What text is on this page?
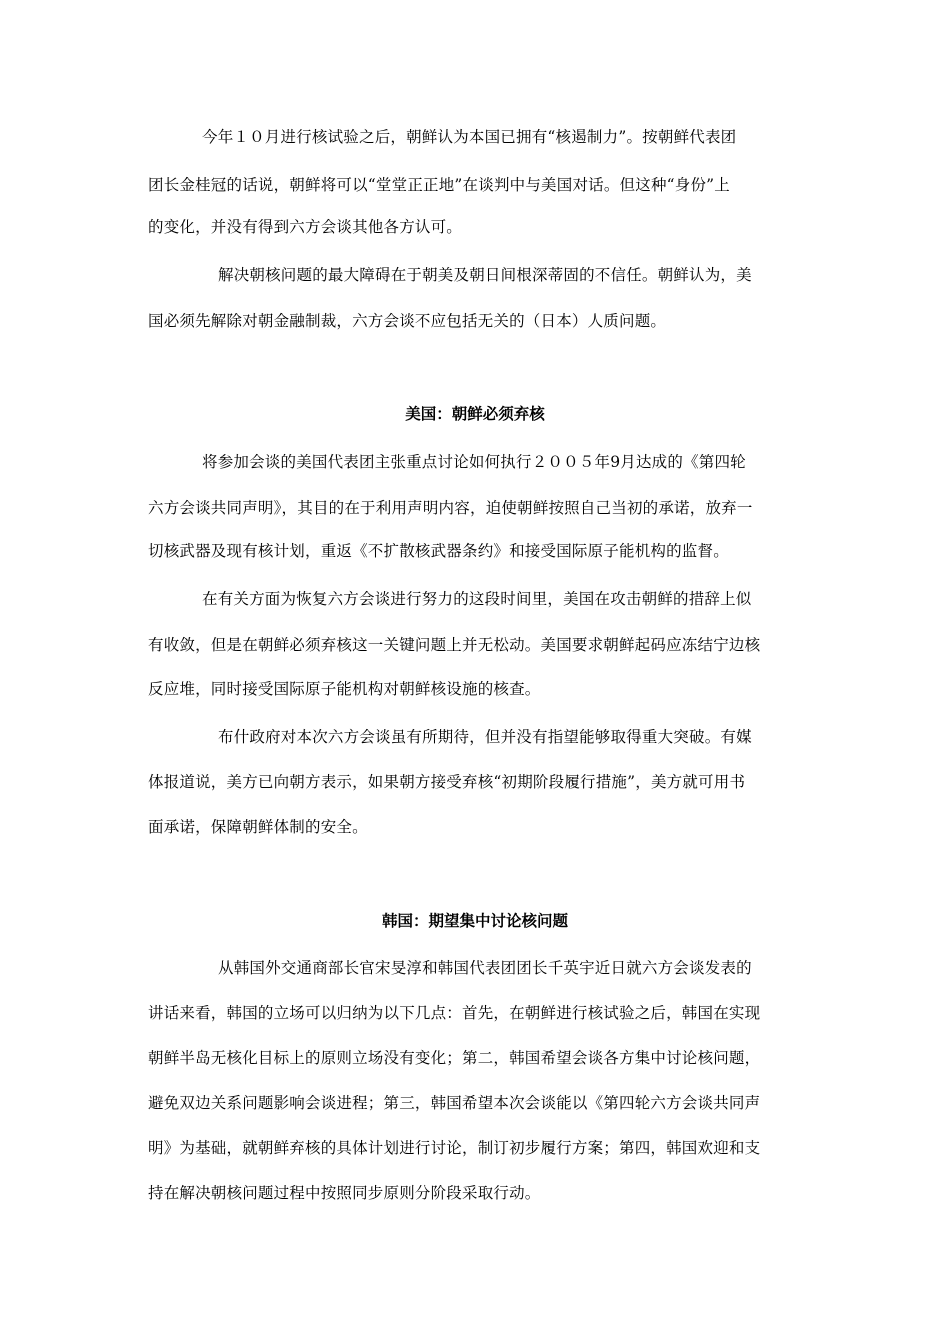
今年１０月进行核试验之后，朝鲜认为本国已拥有“核遏制力”。按朝鲜代表团
团长金桂冠的话说，朝鲜将可以“堂堂正正地”在谈判中与美国对话。但这种“身份”上
的变化，并没有得到六方会谈其他各方认可。
解决朝核问题的最大障碍在于朝美及朝日间根深蒂固的不信任。朝鲜认为，美
国必须先解除对朝金融制裁，六方会谈不应包括无关的（日本）人质问题。
美国：朝鲜必须弃核
将参加会谈的美国代表团主张重点讨论如何执行２００５年9月达成的《第四轮
六方会谈共同声明》，其目的在于利用声明内容，迫使朝鲜按照自己当初的承诺，放弃一
切核武器及现有核计划，重返《不扩散核武器条约》和接受国际原子能机构的监督。
在有关方面为恢复六方会谈进行努力的这段时间里，美国在攻击朝鲜的措辞上似
有收敛，但是在朝鲜必须弃核这一关键问题上并无松动。美国要求朝鲜起码应冻结宁边核
反应堆，同时接受国际原子能机构对朝鲜核设施的核查。
布什政府对本次六方会谈虽有所期待，但并没有指望能够取得重大突破。有媒
体报道说，美方已向朝方表示，如果朝方接受弃核“初期阶段履行措施”，美方就可用书
面承诺，保障朝鲜体制的安全。
韩国：期望集中讨论核问题
从韩国外交通商部长官宋旻淳和韩国代表团团长千英宇近日就六方会谈发表的
讲话来看，韩国的立场可以归纳为以下几点：首先，在朝鲜进行核试验之后，韩国在实现
朝鲜半岛无核化目标上的原则立场没有变化；第二，韩国希望会谈各方集中讨论核问题，
避免双边关系问题影响会谈进程；第三，韩国希望本次会谈能以《第四轮六方会谈共同声
明》为基础，就朝鲜弃核的具体计划进行讨论，制订初步履行方案；第四，韩国欢迎和支
持在解决朝核问题过程中按照同步原则分阶段采取行动。
